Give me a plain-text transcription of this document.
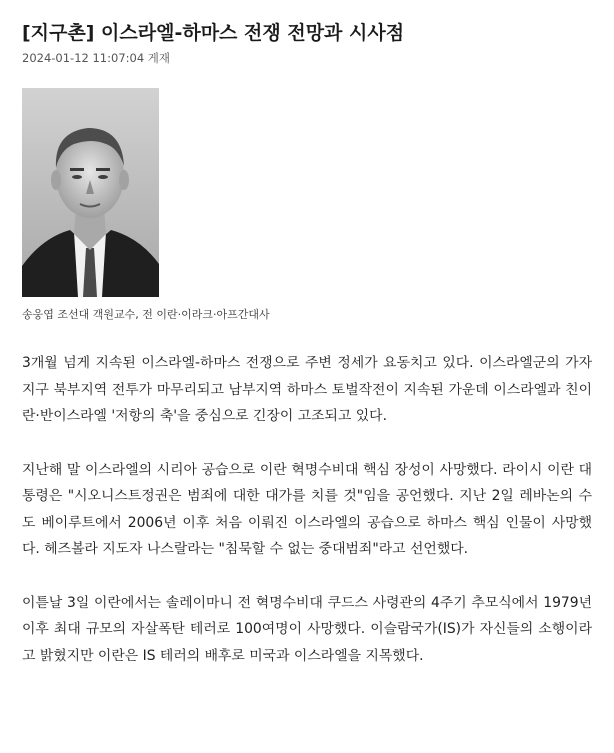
[지구촌] 이스라엘-하마스 전쟁 전망과 시사점
2024-01-12 11:07:04 게재
송웅엽 조선대 객원교수, 전 이란·이라크·아프간대사

3개월 넘게 지속된 이스라엘-하마스 전쟁으로 주변 정세가 요동치고 있다. 이스라엘군의 가자지구 북부지역 전투가 마무리되고 남부지역 하마스 토벌작전이 지속된 가운데 이스라엘과 친이란·반이스라엘 '저항의 축'을 중심으로 긴장이 고조되고 있다.

지난해 말 이스라엘의 시리아 공습으로 이란 혁명수비대 핵심 장성이 사망했다. 라이시 이란 대통령은 "시오니스트정권은 범죄에 대한 대가를 치를 것"임을 공언했다. 지난 2일 레바논의 수도 베이루트에서 2006년 이후 처음 이뤄진 이스라엘의 공습으로 하마스 핵심 인물이 사망했다. 헤즈볼라 지도자 나스랄라는 "침묵할 수 없는 중대범죄"라고 선언했다.

이튿날 3일 이란에서는 솔레이마니 전 혁명수비대 쿠드스 사령관의 4주기 추모식에서 1979년 이후 최대 규모의 자살폭탄 테러로 100여명이 사망했다. 이슬람국가(IS)가 자신들의 소행이라고 밝혔지만 이란은 IS 테러의 배후로 미국과 이스라엘을 지목했다.
